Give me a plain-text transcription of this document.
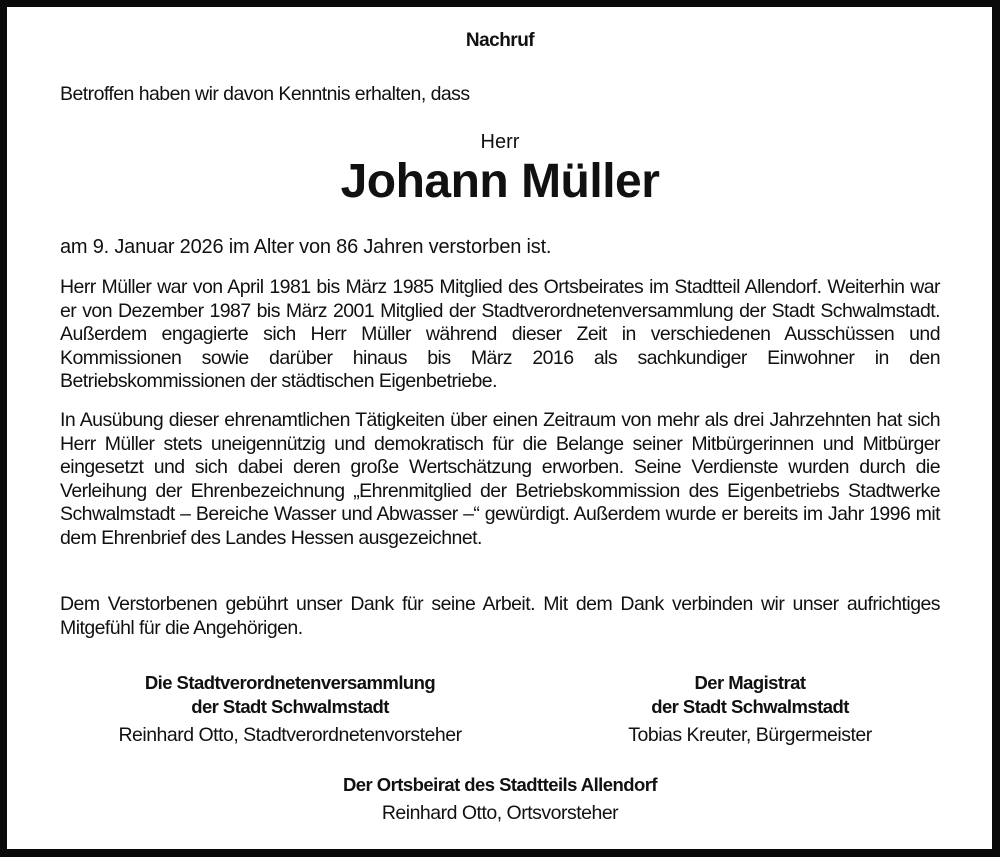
Nachruf

Betroffen haben wir davon Kenntnis erhalten, dass

Herr

Johann Müller

am 9. Januar 2026 im Alter von 86 Jahren verstorben ist.

Herr Müller war von April 1981 bis März 1985 Mitglied des Ortsbeirates im Stadtteil Allendorf. Weiterhin war er von Dezember 1987 bis März 2001 Mitglied der Stadtverordnetenversammlung der Stadt Schwalmstadt. Außerdem engagierte sich Herr Müller während dieser Zeit in verschiedenen Ausschüssen und Kommissionen sowie darüber hinaus bis März 2016 als sachkundiger Einwohner in den Betriebskommissionen der städtischen Eigenbetriebe.

In Ausübung dieser ehrenamtlichen Tätigkeiten über einen Zeitraum von mehr als drei Jahrzehnten hat sich Herr Müller stets uneigennützig und demokratisch für die Belange seiner Mitbürgerinnen und Mitbürger eingesetzt und sich dabei deren große Wertschätzung erworben. Seine Verdienste wurden durch die Verleihung der Ehrenbezeichnung „Ehrenmitglied der Betriebskommission des Eigenbetriebs Stadtwerke Schwalmstadt – Bereiche Wasser und Abwasser –“ gewürdigt. Außerdem wurde er bereits im Jahr 1996 mit dem Ehrenbrief des Landes Hessen ausgezeichnet.

Dem Verstorbenen gebührt unser Dank für seine Arbeit. Mit dem Dank verbinden wir unser aufrichtiges Mitgefühl für die Angehörigen.

Die Stadtverordnetenversammlung
der Stadt Schwalmstadt
Reinhard Otto, Stadtverordnetenvorsteher
Der Magistrat
der Stadt Schwalmstadt
Tobias Kreuter, Bürgermeister
Der Ortsbeirat des Stadtteils Allendorf
Reinhard Otto, Ortsvorsteher
